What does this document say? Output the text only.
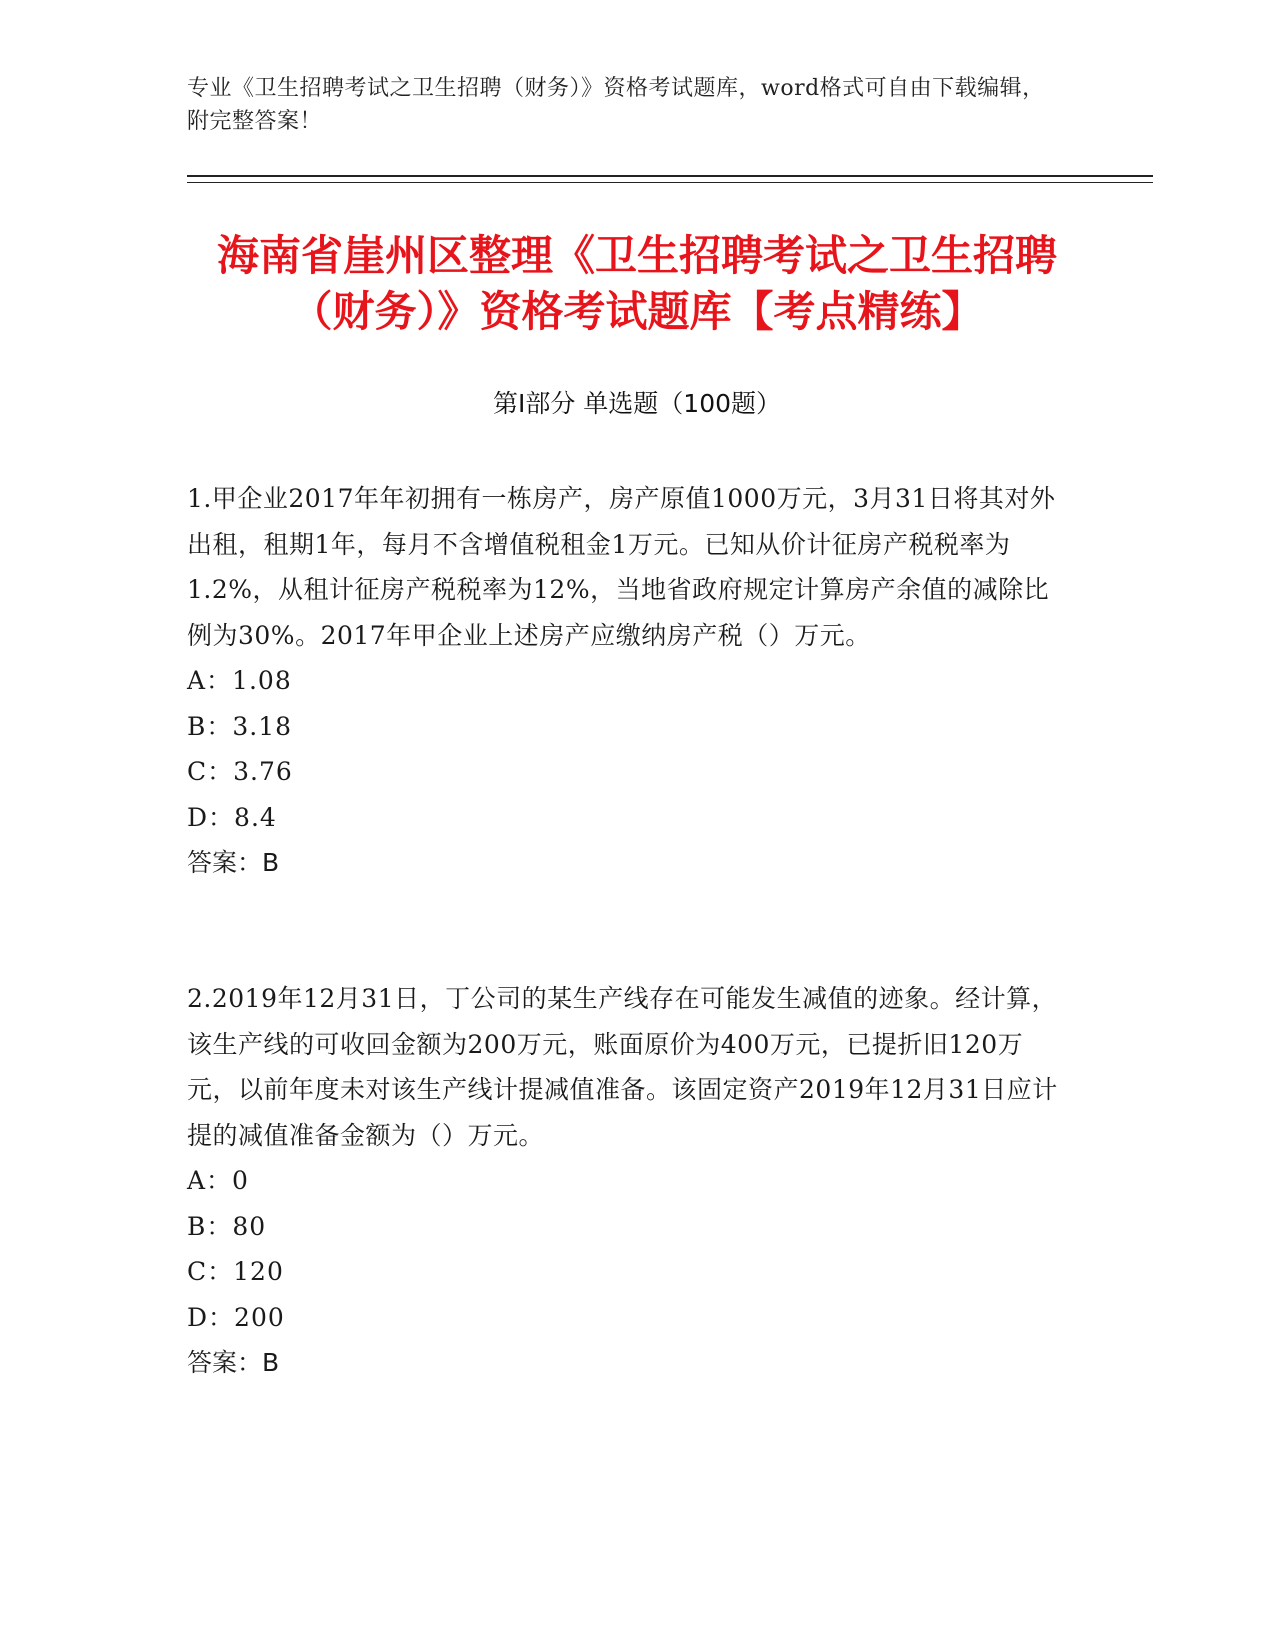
专业《卫生招聘考试之卫生招聘（财务）》资格考试题库，word格式可自由下载编辑，附完整答案！
海南省崖州区整理《卫生招聘考试之卫生招聘（财务）》资格考试题库【考点精练】
第Ⅰ部分 单选题（100题）
1.甲企业2017年年初拥有一栋房产，房产原值1000万元，3月31日将其对外出租，租期1年，每月不含增值税租金1万元。已知从价计征房产税税率为1.2%，从租计征房产税税率为12%，当地省政府规定计算房产余值的减除比例为30%。2017年甲企业上述房产应缴纳房产税（）万元。
A：1.08
B：3.18
C：3.76
D：8.4
答案：B
2.2019年12月31日，丁公司的某生产线存在可能发生减值的迹象。经计算，该生产线的可收回金额为200万元，账面原价为400万元，已提折旧120万元，以前年度未对该生产线计提减值准备。该固定资产2019年12月31日应计提的减值准备金额为（）万元。
A：0
B：80
C：120
D：200
答案：B
